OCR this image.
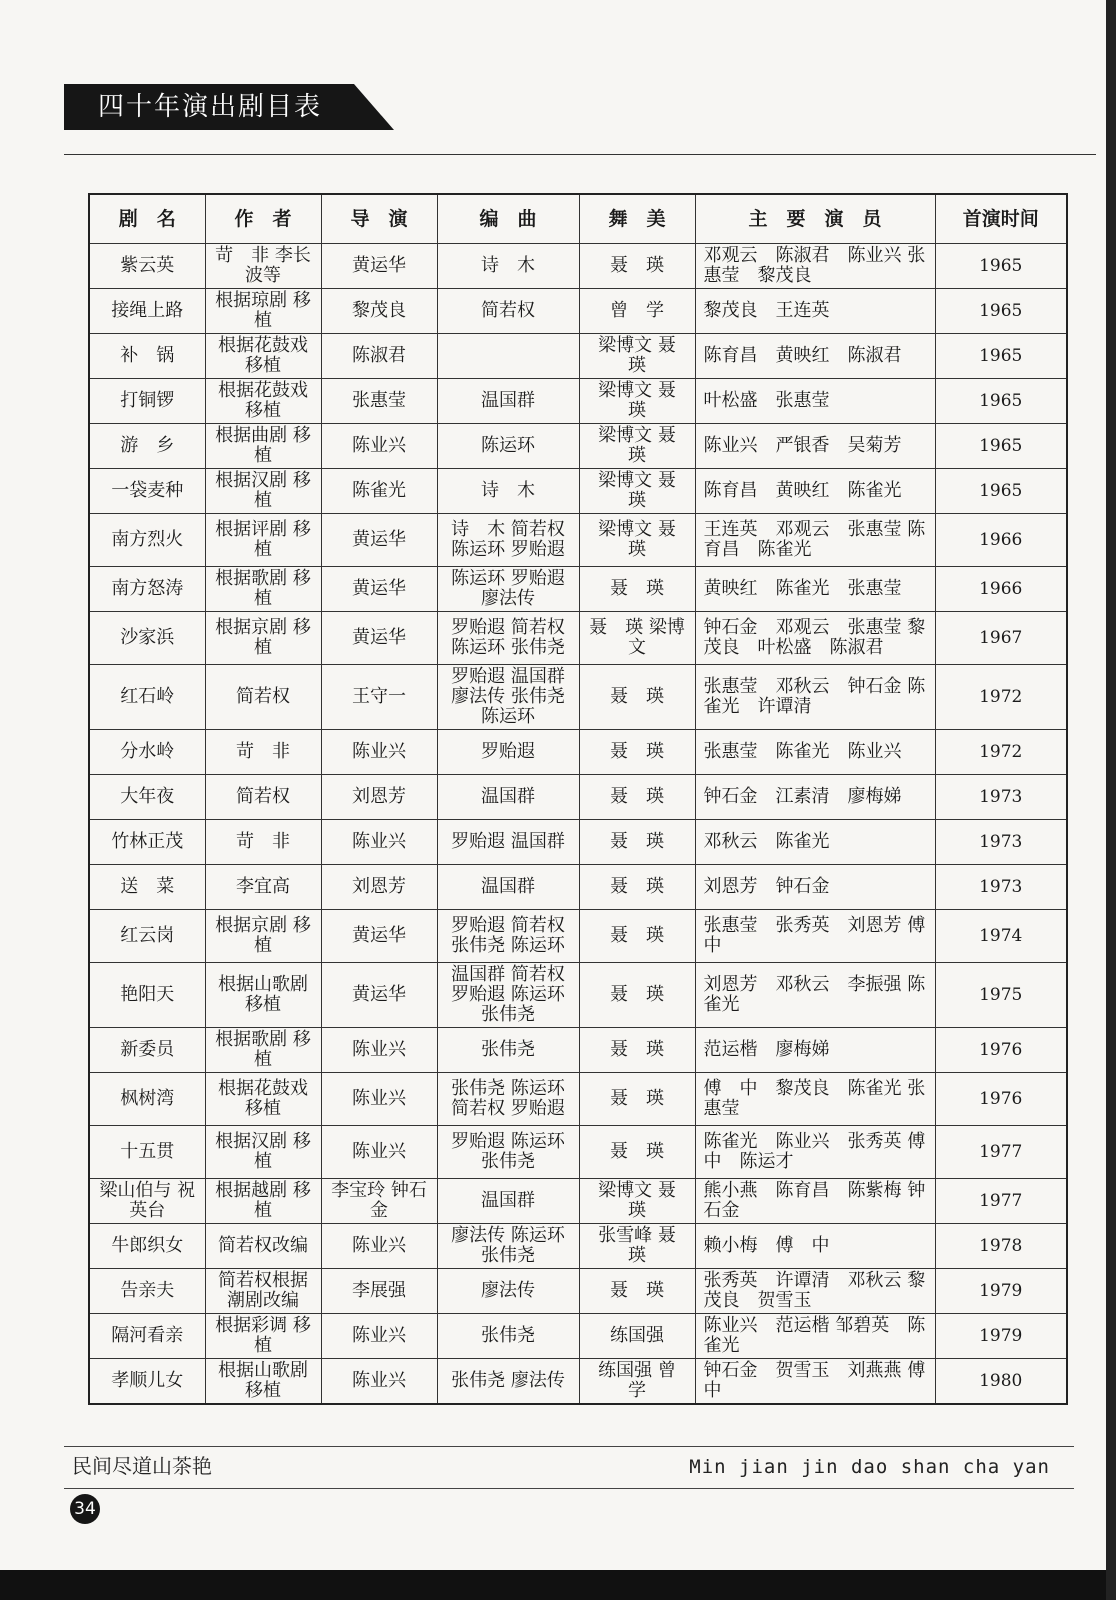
四十年演出剧目表
剧　名	作　者	导　演	编　曲	舞　美	主　要　演　员	首演时间
紫云英	苛　非 李长波等	黄运华	诗　木	聂　瑛	邓观云　陈淑君　陈业兴 张惠莹　黎茂良	1965
接绳上路	根据琼剧 移植	黎茂良	简若权	曾　学	黎茂良　王连英	1965
补　锅	根据花鼓戏 移植	陈淑君		梁博文 聂　瑛	陈育昌　黄映红　陈淑君	1965
打铜锣	根据花鼓戏 移植	张惠莹	温国群	梁博文 聂　瑛	叶松盛　张惠莹	1965
游　乡	根据曲剧 移植	陈业兴	陈运环	梁博文 聂　瑛	陈业兴　严银香　吴菊芳	1965
一袋麦种	根据汉剧 移植	陈雀光	诗　木	梁博文 聂　瑛	陈育昌　黄映红　陈雀光	1965
南方烈火	根据评剧 移植	黄运华	诗　木 简若权 陈运环 罗贻遐	梁博文 聂　瑛	王连英　邓观云　张惠莹 陈育昌　陈雀光	1966
南方怒涛	根据歌剧 移植	黄运华	陈运环 罗贻遐 廖法传	聂　瑛	黄映红　陈雀光　张惠莹	1966
沙家浜	根据京剧 移植	黄运华	罗贻遐 简若权 陈运环 张伟尧	聂　瑛 梁博文	钟石金　邓观云　张惠莹 黎茂良　叶松盛　陈淑君	1967
红石岭	简若权	王守一	罗贻遐 温国群 廖法传 张伟尧 陈运环	聂　瑛	张惠莹　邓秋云　钟石金 陈雀光　许谭清	1972
分水岭	苛　非	陈业兴	罗贻遐	聂　瑛	张惠莹　陈雀光　陈业兴	1972
大年夜	简若权	刘恩芳	温国群	聂　瑛	钟石金　江素清　廖梅娣	1973
竹林正茂	苛　非	陈业兴	罗贻遐 温国群	聂　瑛	邓秋云　陈雀光	1973
送　菜	李宜高	刘恩芳	温国群	聂　瑛	刘恩芳　钟石金	1973
红云岗	根据京剧 移植	黄运华	罗贻遐 简若权 张伟尧 陈运环	聂　瑛	张惠莹　张秀英　刘恩芳 傅　中	1974
艳阳天	根据山歌剧 移植	黄运华	温国群 简若权 罗贻遐 陈运环 张伟尧	聂　瑛	刘恩芳　邓秋云　李振强 陈雀光	1975
新委员	根据歌剧 移植	陈业兴	张伟尧	聂　瑛	范运楷　廖梅娣	1976
枫树湾	根据花鼓戏 移植	陈业兴	张伟尧 陈运环 简若权 罗贻遐	聂　瑛	傅　中　黎茂良　陈雀光 张惠莹	1976
十五贯	根据汉剧 移植	陈业兴	罗贻遐 陈运环 张伟尧	聂　瑛	陈雀光　陈业兴　张秀英 傅　中　陈运才	1977
梁山伯与 祝英台	根据越剧 移植	李宝玲 钟石金	温国群	梁博文 聂　瑛	熊小燕　陈育昌　陈紫梅 钟石金	1977
牛郎织女	简若权改编	陈业兴	廖法传 陈运环 张伟尧	张雪峰 聂　瑛	赖小梅　傅　中	1978
告亲夫	简若权根据 潮剧改编	李展强	廖法传	聂　瑛	张秀英　许谭清　邓秋云 黎茂良　贺雪玉	1979
隔河看亲	根据彩调 移植	陈业兴	张伟尧	练国强	陈业兴　范运楷 邹碧英　陈雀光	1979
孝顺儿女	根据山歌剧 移植	陈业兴	张伟尧 廖法传	练国强 曾　学	钟石金　贺雪玉　刘燕燕 傅　中	1980
民间尽道山茶艳	Min jian jin dao shan cha yan
34
